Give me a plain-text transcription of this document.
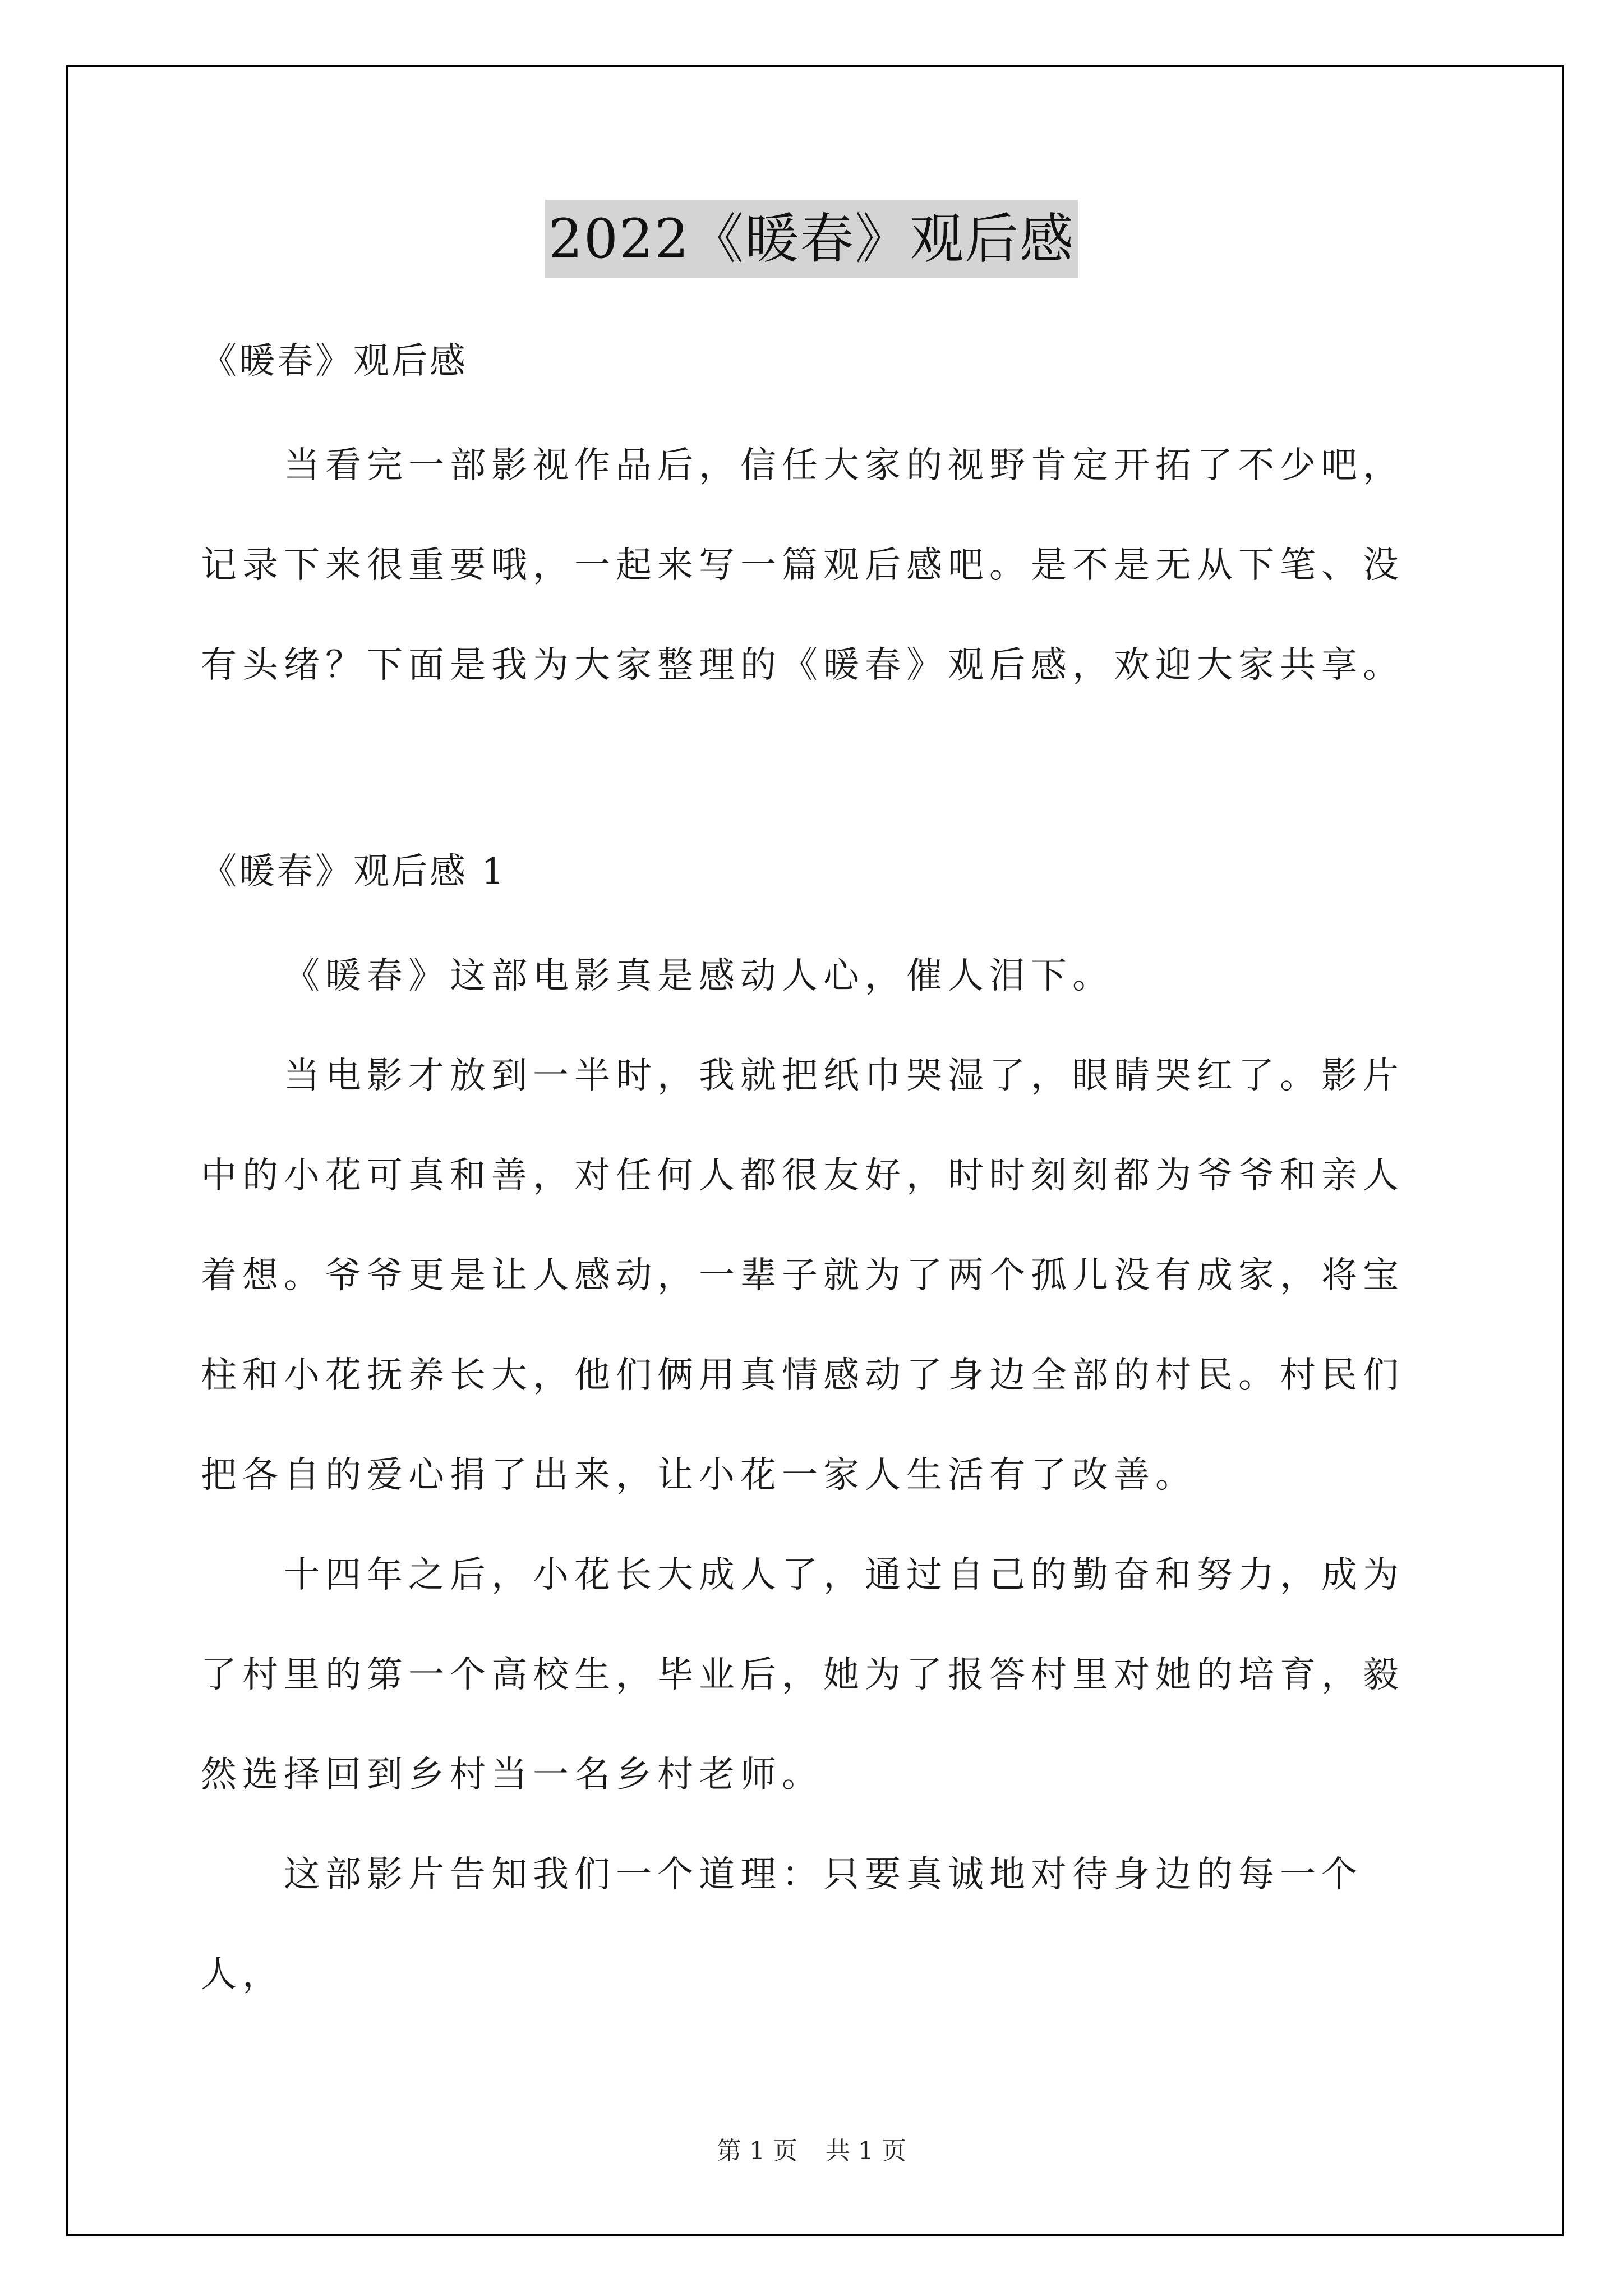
2022《暖春》观后感

《暖春》观后感

当看完一部影视作品后，信任大家的视野肯定开拓了不少吧，记录下来很重要哦，一起来写一篇观后感吧。是不是无从下笔、没有头绪？下面是我为大家整理的《暖春》观后感，欢迎大家共享。

《暖春》观后感 1

《暖春》这部电影真是感动人心，催人泪下。

当电影才放到一半时，我就把纸巾哭湿了，眼睛哭红了。影片中的小花可真和善，对任何人都很友好，时时刻刻都为爷爷和亲人着想。爷爷更是让人感动，一辈子就为了两个孤儿没有成家，将宝柱和小花抚养长大，他们俩用真情感动了身边全部的村民。村民们把各自的爱心捐了出来，让小花一家人生活有了改善。

十四年之后，小花长大成人了，通过自己的勤奋和努力，成为了村里的第一个高校生，毕业后，她为了报答村里对她的培育，毅然选择回到乡村当一名乡村老师。

这部影片告知我们一个道理：只要真诚地对待身边的每一个人，

第 1 页 共 1 页
